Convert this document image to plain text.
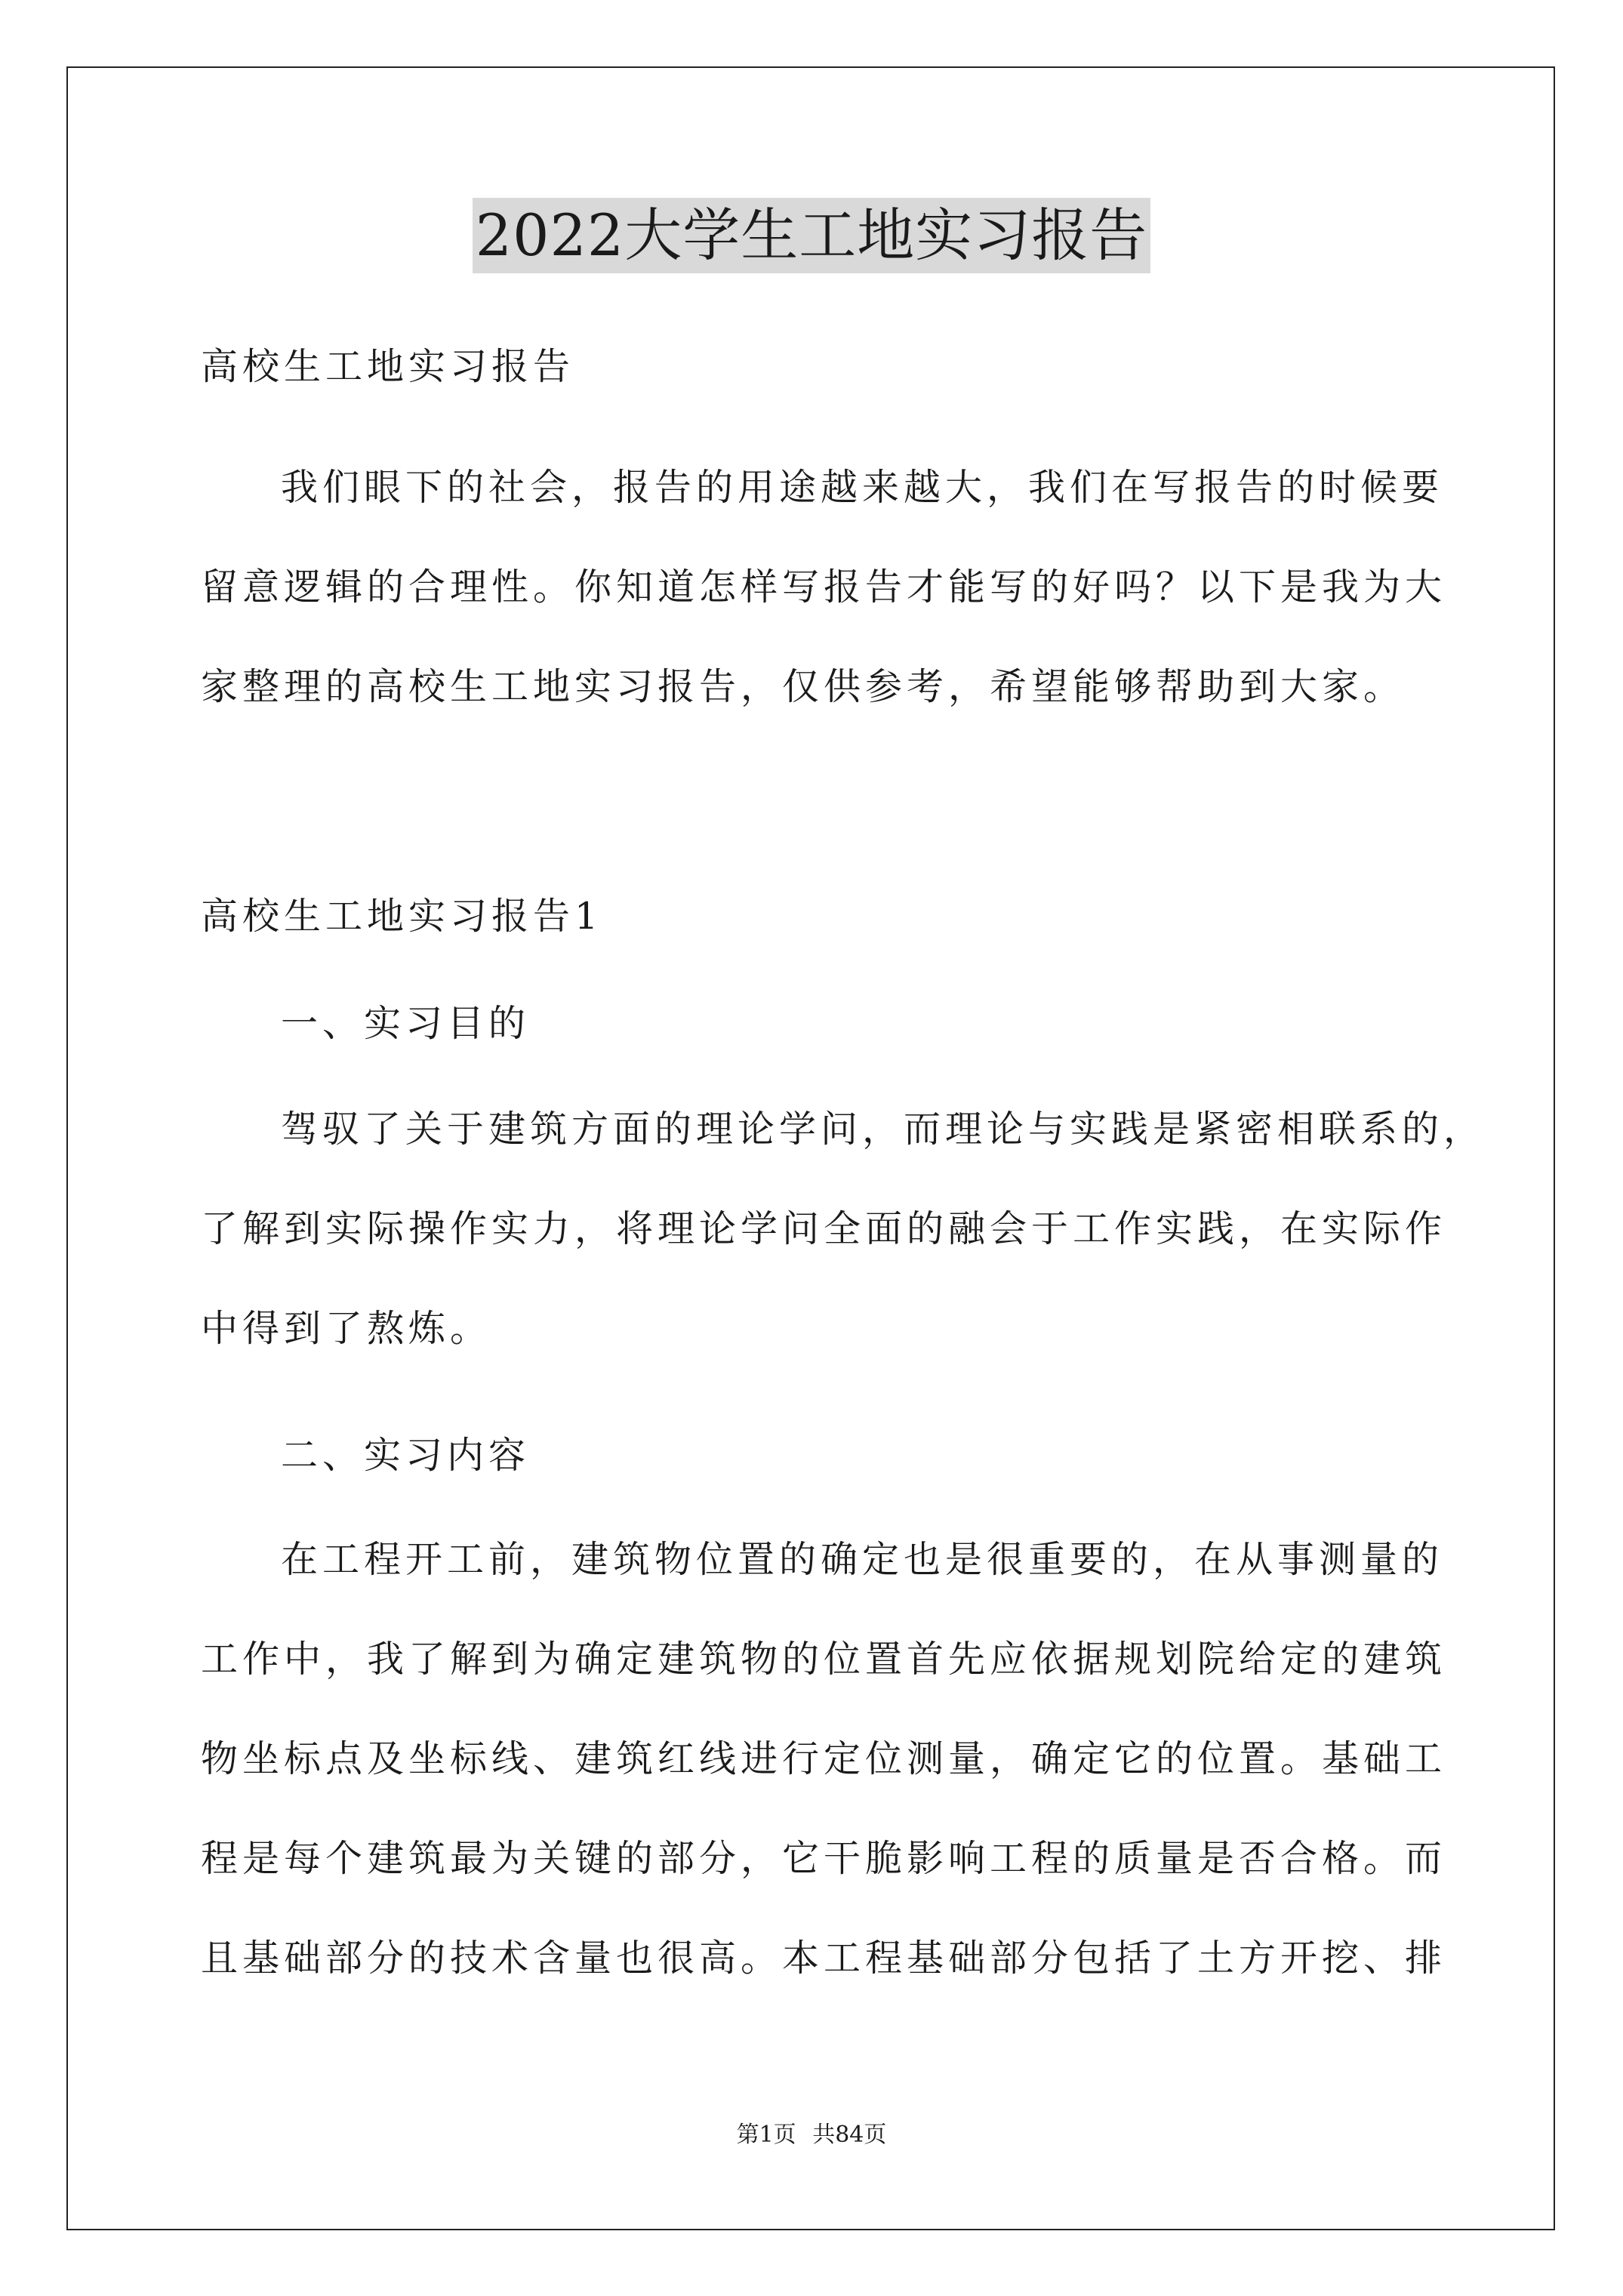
2022大学生工地实习报告
高校生工地实习报告
我们眼下的社会，报告的用途越来越大，我们在写报告的时候要
留意逻辑的合理性。你知道怎样写报告才能写的好吗？以下是我为大
家整理的高校生工地实习报告，仅供参考，希望能够帮助到大家。
高校生工地实习报告1
一、实习目的
驾驭了关于建筑方面的理论学问，而理论与实践是紧密相联系的，
了解到实际操作实力，将理论学问全面的融会于工作实践，在实际作
中得到了熬炼。
二、实习内容
在工程开工前，建筑物位置的确定也是很重要的，在从事测量的
工作中，我了解到为确定建筑物的位置首先应依据规划院给定的建筑
物坐标点及坐标线、建筑红线进行定位测量，确定它的位置。基础工
程是每个建筑最为关键的部分，它干脆影响工程的质量是否合格。而
且基础部分的技术含量也很高。本工程基础部分包括了土方开挖、排
第1页 共84页
